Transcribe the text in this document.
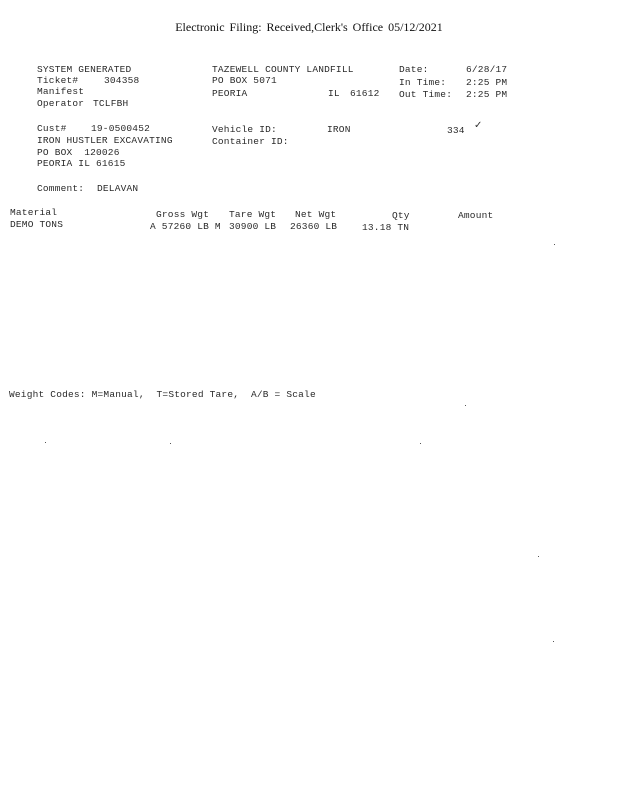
Electronic Filing: Received,Clerk's Office 05/12/2021
SYSTEM GENERATED
Ticket#	304358
Manifest
Operator TCLFBH
TAZEWELL COUNTY LANDFILL
PO BOX 5071
PEORIA	IL 61612
Date:	6/28/17
In Time: 2:25 PM
Out Time: 2:25 PM
Cust#	19-0500452
IRON HUSTLER EXCAVATING
PO BOX  120026
PEORIA IL 61615
Vehicle ID:	IRON	334 ✓
Container ID:
Comment: DELAVAN
Material	Gross Wgt Tare Wgt Net Wgt	Qty	Amount
DEMO TONS	A 57260 LB M 30900 LB 26360 LB	13.18 TN
Weight Codes: M=Manual,  T=Stored Tare,  A/B = Scale
